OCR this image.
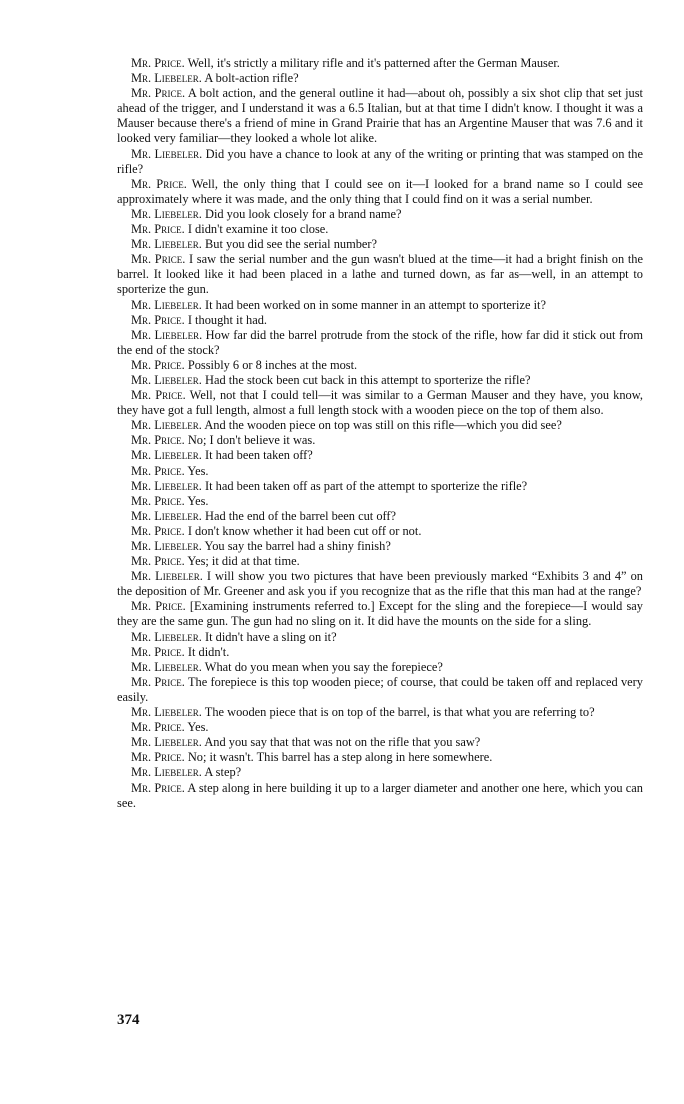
Mr. Price. Well, it's strictly a military rifle and it's patterned after the German Mauser.

Mr. Liebeler. A bolt-action rifle?

Mr. Price. A bolt action, and the general outline it had—about oh, possibly a six shot clip that set just ahead of the trigger, and I understand it was a 6.5 Italian, but at that time I didn't know. I thought it was a Mauser because there's a friend of mine in Grand Prairie that has an Argentine Mauser that was 7.6 and it looked very familiar—they looked a whole lot alike.

Mr. Liebeler. Did you have a chance to look at any of the writing or printing that was stamped on the rifle?

Mr. Price. Well, the only thing that I could see on it—I looked for a brand name so I could see approximately where it was made, and the only thing that I could find on it was a serial number.

Mr. Liebeler. Did you look closely for a brand name?

Mr. Price. I didn't examine it too close.

Mr. Liebeler. But you did see the serial number?

Mr. Price. I saw the serial number and the gun wasn't blued at the time—it had a bright finish on the barrel. It looked like it had been placed in a lathe and turned down, as far as—well, in an attempt to sporterize the gun.

Mr. Liebeler. It had been worked on in some manner in an attempt to sporterize it?

Mr. Price. I thought it had.

Mr. Liebeler. How far did the barrel protrude from the stock of the rifle, how far did it stick out from the end of the stock?

Mr. Price. Possibly 6 or 8 inches at the most.

Mr. Liebeler. Had the stock been cut back in this attempt to sporterize the rifle?

Mr. Price. Well, not that I could tell—it was similar to a German Mauser and they have, you know, they have got a full length, almost a full length stock with a wooden piece on the top of them also.

Mr. Liebeler. And the wooden piece on top was still on this rifle—which you did see?

Mr. Price. No; I don't believe it was.

Mr. Liebeler. It had been taken off?

Mr. Price. Yes.

Mr. Liebeler. It had been taken off as part of the attempt to sporterize the rifle?

Mr. Price. Yes.

Mr. Liebeler. Had the end of the barrel been cut off?

Mr. Price. I don't know whether it had been cut off or not.

Mr. Liebeler. You say the barrel had a shiny finish?

Mr. Price. Yes; it did at that time.

Mr. Liebeler. I will show you two pictures that have been previously marked “Exhibits 3 and 4” on the deposition of Mr. Greener and ask you if you recognize that as the rifle that this man had at the range?

Mr. Price. [Examining instruments referred to.] Except for the sling and the forepiece—I would say they are the same gun. The gun had no sling on it. It did have the mounts on the side for a sling.

Mr. Liebeler. It didn't have a sling on it?

Mr. Price. It didn't.

Mr. Liebeler. What do you mean when you say the forepiece?

Mr. Price. The forepiece is this top wooden piece; of course, that could be taken off and replaced very easily.

Mr. Liebeler. The wooden piece that is on top of the barrel, is that what you are referring to?

Mr. Price. Yes.

Mr. Liebeler. And you say that that was not on the rifle that you saw?

Mr. Price. No; it wasn't. This barrel has a step along in here somewhere.

Mr. Liebeler. A step?

Mr. Price. A step along in here building it up to a larger diameter and another one here, which you can see.

374
